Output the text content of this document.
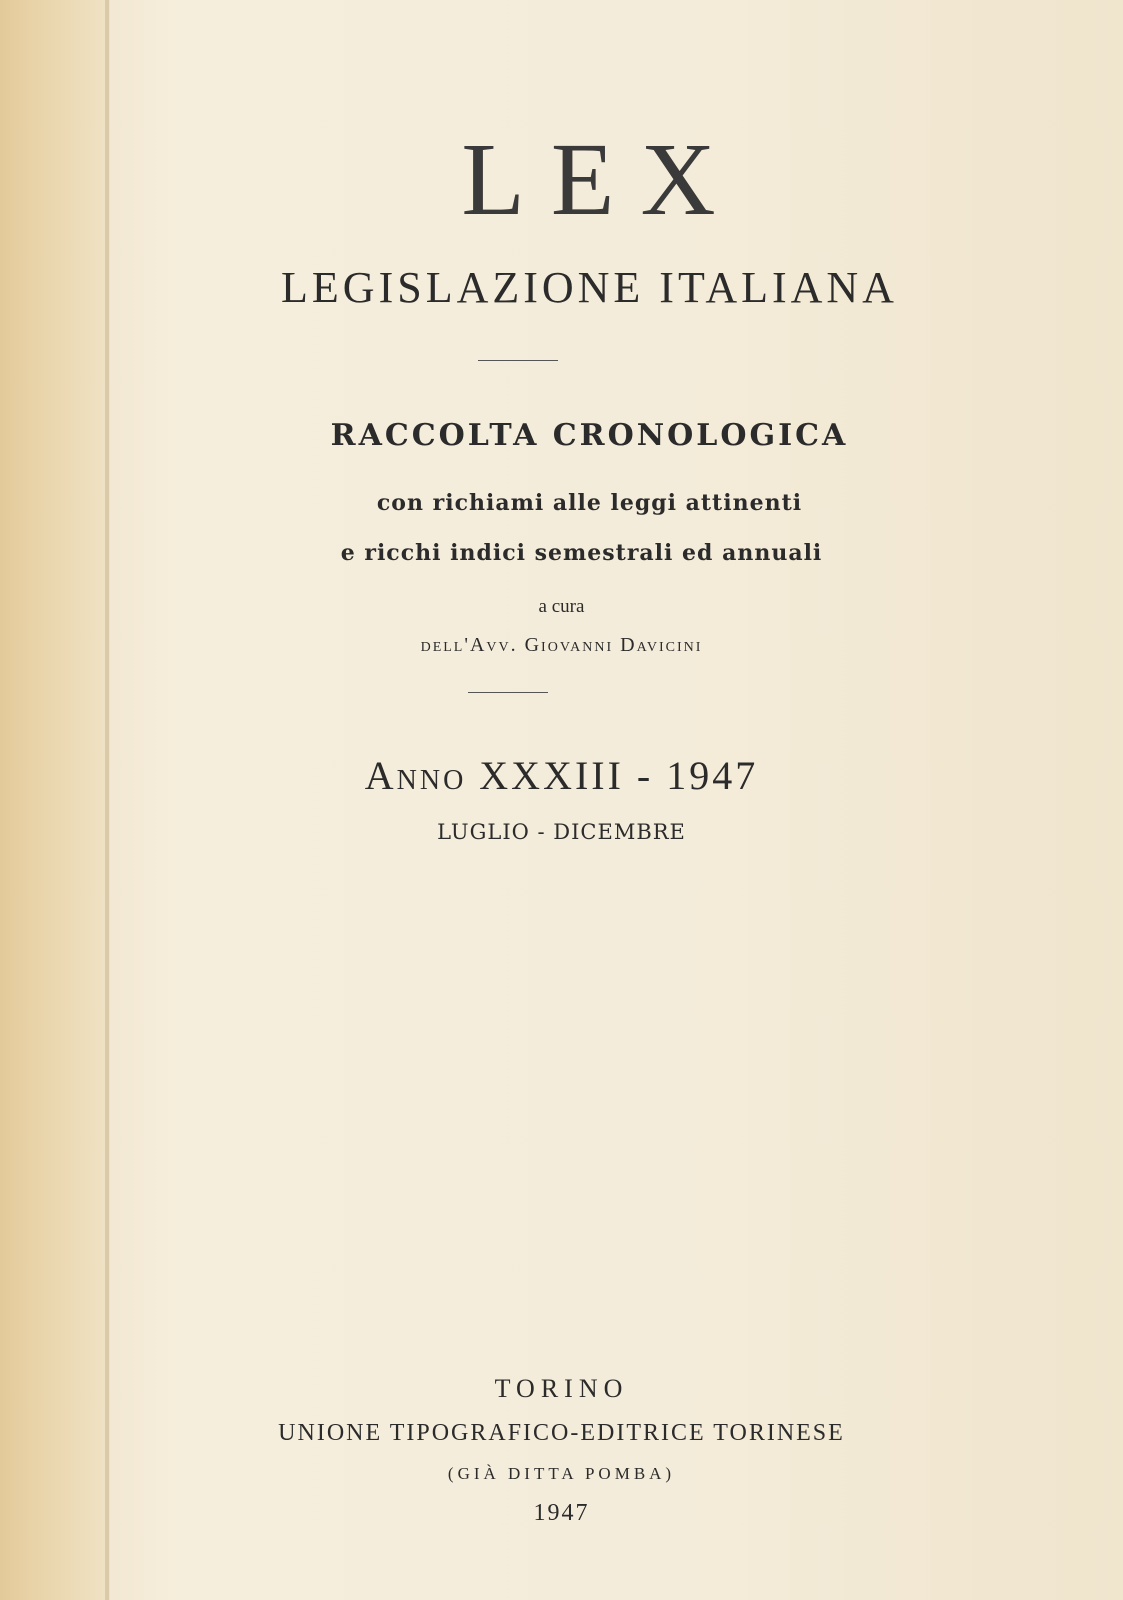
LEX
LEGISLAZIONE ITALIANA
RACCOLTA CRONOLOGICA
con richiami alle leggi attinenti
e ricchi indici semestrali ed annuali
a cura
dell'Avv. Giovanni Davicini
Anno XXXIII - 1947
LUGLIO - DICEMBRE
TORINO
UNIONE TIPOGRAFICO-EDITRICE TORINESE
(GIÀ DITTA POMBA)
1947
